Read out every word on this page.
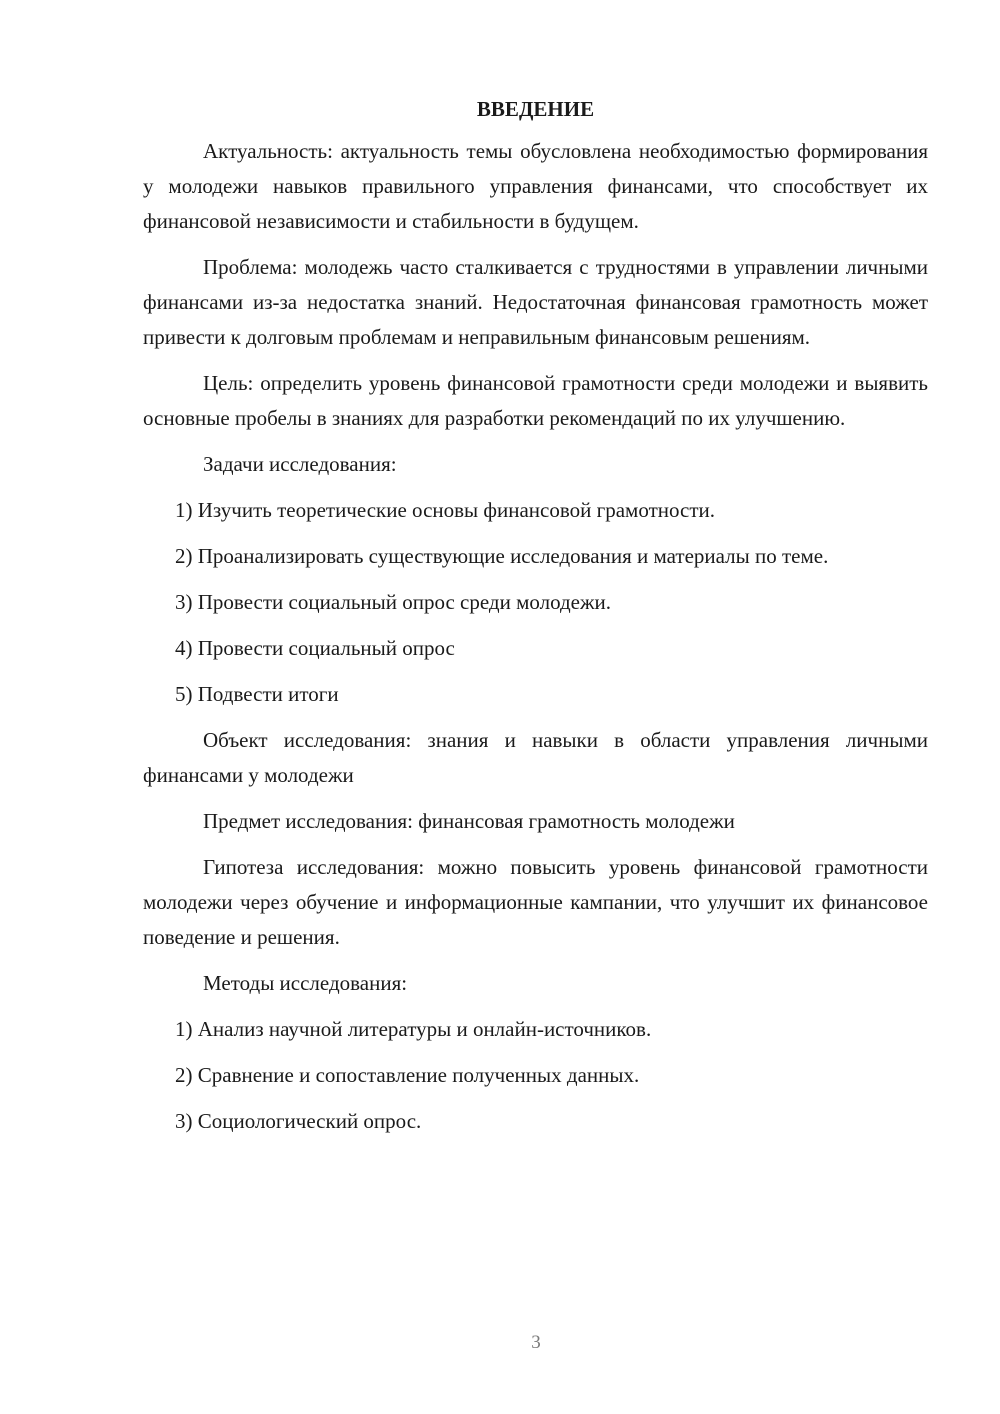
ВВЕДЕНИЕ

Актуальность: актуальность темы обусловлена необходимостью формирования у молодежи навыков правильного управления финансами, что способствует их финансовой независимости и стабильности в будущем.

Проблема: молодежь часто сталкивается с трудностями в управлении личными финансами из-за недостатка знаний. Недостаточная финансовая грамотность может привести к долговым проблемам и неправильным финансовым решениям.

Цель: определить уровень финансовой грамотности среди молодежи и выявить основные пробелы в знаниях для разработки рекомендаций по их улучшению.

Задачи исследования:

1) Изучить теоретические основы финансовой грамотности.

2) Проанализировать существующие исследования и материалы по теме.

3) Провести социальный опрос среди молодежи.

4) Провести социальный опрос

5) Подвести итоги

Объект исследования: знания и навыки в области управления личными финансами у молодежи

Предмет исследования: финансовая грамотность молодежи

Гипотеза исследования: можно повысить уровень финансовой грамотности молодежи через обучение и информационные кампании, что улучшит их финансовое поведение и решения.

Методы исследования:

1) Анализ научной литературы и онлайн-источников.

2) Сравнение и сопоставление полученных данных.

3) Социологический опрос.

3
